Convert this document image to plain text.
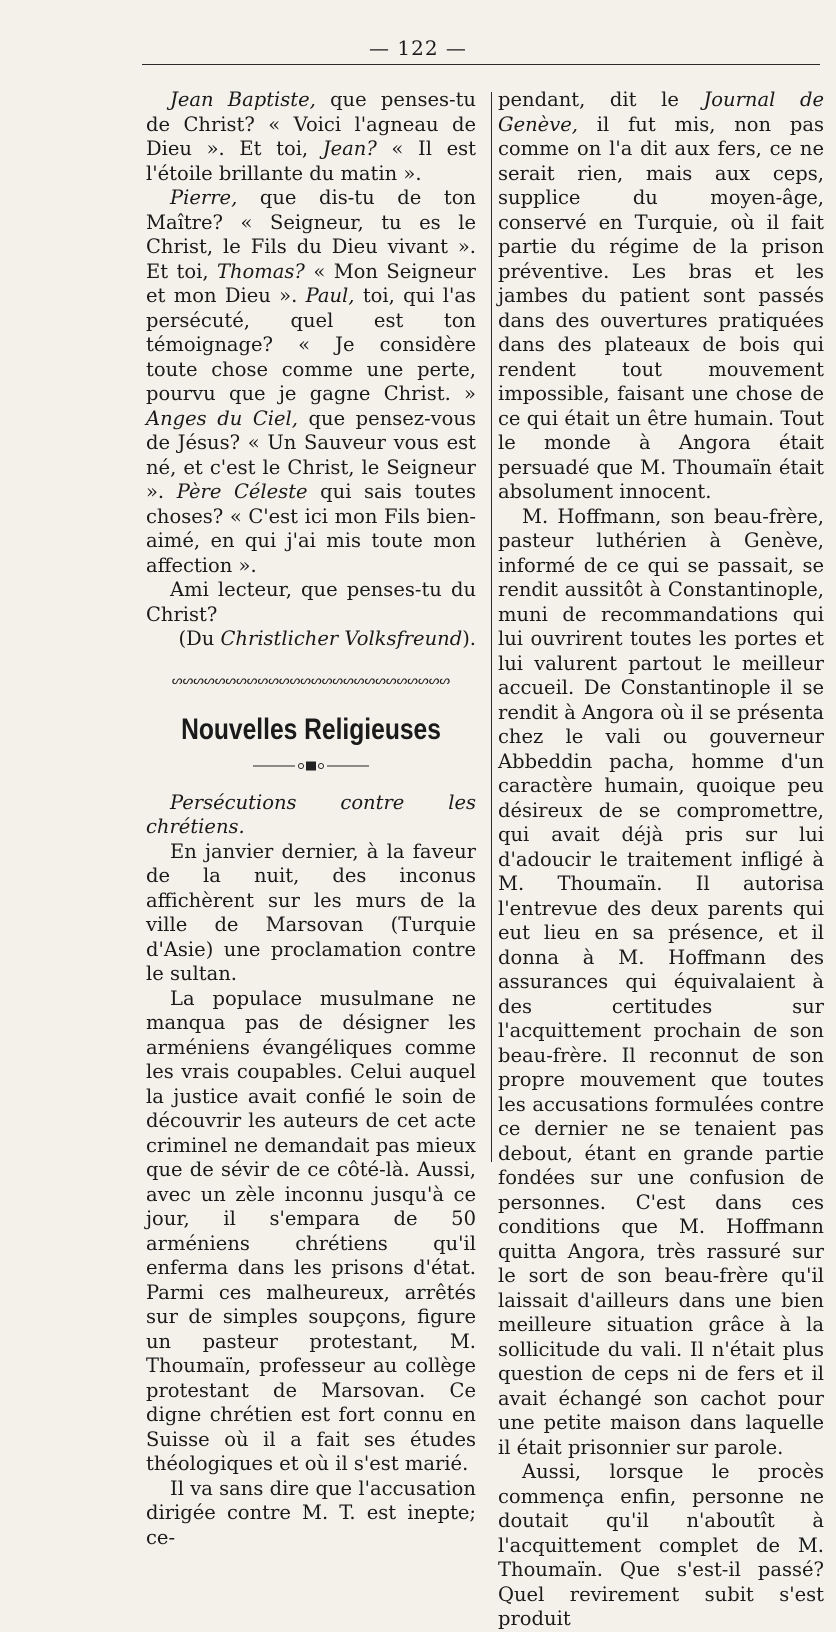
— 122 —

Jean Baptiste, que penses-tu de Christ? « Voici l'agneau de Dieu ». Et toi, Jean? « Il est l'étoile brillante du matin ».

Pierre, que dis-tu de ton Maître? « Seigneur, tu es le Christ, le Fils du Dieu vivant ». Et toi, Thomas? « Mon Seigneur et mon Dieu ». Paul, toi, qui l'as persécuté, quel est ton témoignage? « Je considère toute chose comme une perte, pourvu que je gagne Christ. » Anges du Ciel, que pensez-vous de Jésus? « Un Sauveur vous est né, et c'est le Christ, le Seigneur ». Père Céleste qui sais toutes choses? « C'est ici mon Fils bien-aimé, en qui j'ai mis toute mon affection ».

Ami lecteur, que penses-tu du Christ?

(Du Christlicher Volksfreund).

ᔕᔕᔕᔕᔕᔕᔕᔕᔕᔕᔕᔕᔕᔕᔕᔕᔕᔕᔕᔕᔕᔕᔕᔕᔕᔕ
Nouvelles Religieuses

Persécutions contre les chrétiens.

En janvier dernier, à la faveur de la nuit, des inconus affichèrent sur les murs de la ville de Marsovan (Turquie d'Asie) une proclamation contre le sultan.

La populace musulmane ne manqua pas de désigner les arméniens évangéliques comme les vrais coupables. Celui auquel la justice avait confié le soin de découvrir les auteurs de cet acte criminel ne demandait pas mieux que de sévir de ce côté-là. Aussi, avec un zèle inconnu jusqu'à ce jour, il s'empara de 50 arméniens chrétiens qu'il enferma dans les prisons d'état. Parmi ces malheureux, arrêtés sur de simples soupçons, figure un pasteur protestant, M. Thoumaïn, professeur au collège protestant de Marsovan. Ce digne chrétien est fort connu en Suisse où il a fait ses études théologiques et où il s'est marié.

Il va sans dire que l'accusation dirigée contre M. T. est inepte; ce-

pendant, dit le Journal de Genève, il fut mis, non pas comme on l'a dit aux fers, ce ne serait rien, mais aux ceps, supplice du moyen-âge, conservé en Turquie, où il fait partie du régime de la prison préventive. Les bras et les jambes du patient sont passés dans des ouvertures pratiquées dans des plateaux de bois qui rendent tout mouvement impossible, faisant une chose de ce qui était un être humain. Tout le monde à Angora était persuadé que M. Thoumaïn était absolument innocent.

M. Hoffmann, son beau-frère, pasteur luthérien à Genève, informé de ce qui se passait, se rendit aussitôt à Constantinople, muni de recommandations qui lui ouvrirent toutes les portes et lui valurent partout le meilleur accueil. De Constantinople il se rendit à Angora où il se présenta chez le vali ou gouverneur Abbeddin pacha, homme d'un caractère humain, quoique peu désireux de se compromettre, qui avait déjà pris sur lui d'adoucir le traitement infligé à M. Thoumaïn. Il autorisa l'entrevue des deux parents qui eut lieu en sa présence, et il donna à M. Hoffmann des assurances qui équivalaient à des certitudes sur l'acquittement prochain de son beau-frère. Il reconnut de son propre mouvement que toutes les accusations formulées contre ce dernier ne se tenaient pas debout, étant en grande partie fondées sur une confusion de personnes. C'est dans ces conditions que M. Hoffmann quitta Angora, très rassuré sur le sort de son beau-frère qu'il laissait d'ailleurs dans une bien meilleure situation grâce à la sollicitude du vali. Il n'était plus question de ceps ni de fers et il avait échangé son cachot pour une petite maison dans laquelle il était prisonnier sur parole.

Aussi, lorsque le procès commença enfin, personne ne doutait qu'il n'aboutît à l'acquittement complet de M. Thoumaïn. Que s'est-il passé? Quel revirement subit s'est produit
